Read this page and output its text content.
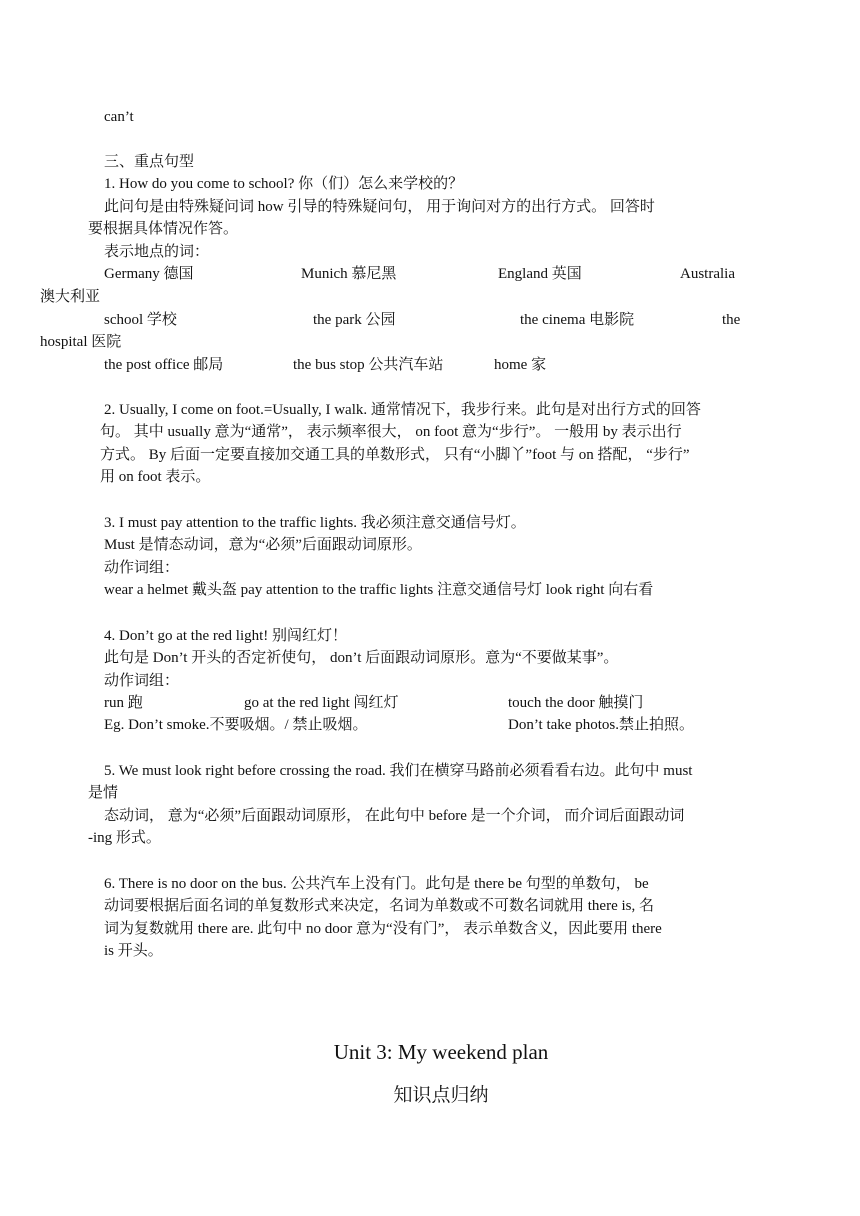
can’t
三、重点句型
1. How do you come to school? 你（们）怎么来学校的？
此问句是由特殊疑问词 how 引导的特殊疑问句， 用于询问对方的出行方式。 回答时
要根据具体情况作答。
表示地点的词：
Germany 德国	Munich 慕尼黑	England 英国	Australia
澳大利亚
school 学校	the park 公园	the cinema 电影院	the
hospital 医院
the post office 邮局	the bus stop 公共汽车站	home 家
2. Usually, I come on foot.=Usually, I walk. 通常情况下，我步行来。此句是对出行方式的回答
句。 其中 usually 意为“通常”， 表示频率很大， on foot 意为“步行”。 一般用 by 表示出行
方式。 By 后面一定要直接加交通工具的单数形式， 只有“小脚丫”foot 与 on 搭配， “步行”
用 on foot 表示。
3. I must pay attention to the traffic lights. 我必须注意交通信号灯。
Must 是情态动词，意为“必须”后面跟动词原形。
动作词组：
wear a helmet 戴头盔 pay attention to the traffic lights 注意交通信号灯 look right 向右看
4. Don’t go at the red light! 别闯红灯！
此句是 Don’t 开头的否定祈使句， don’t 后面跟动词原形。意为“不要做某事”。
动作词组：
run 跑	go at the red light 闯红灯	touch the door 触摸门
Eg. Don’t smoke.不要吸烟。/ 禁止吸烟。	Don’t take photos.禁止拍照。
5. We must look right before crossing the road. 我们在横穿马路前必须看看右边。此句中 must
是情
态动词， 意为“必须”后面跟动词原形， 在此句中 before 是一个介词， 而介词后面跟动词
-ing 形式。
6. There is no door on the bus. 公共汽车上没有门。此句是 there be 句型的单数句， be
动词要根据后面名词的单复数形式来决定，名词为单数或不可数名词就用 there is, 名
词为复数就用 there are. 此句中 no door 意为“没有门”， 表示单数含义，因此要用 there
is 开头。
Unit 3: My weekend plan
知识点归纳
